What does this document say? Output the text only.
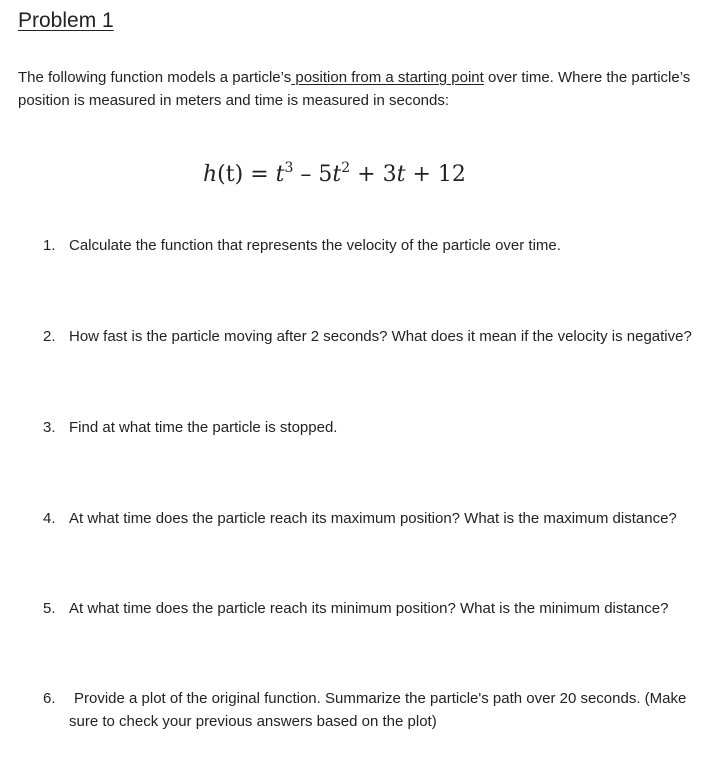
Problem 1
The following function models a particle’s position from a starting point over time. Where the particle’s position is measured in meters and time is measured in seconds:
$h(t) = t^3 - 5t^2 + 3t + 12$
1. Calculate the function that represents the velocity of the particle over time.
2. How fast is the particle moving after 2 seconds? What does it mean if the velocity is negative?
3. Find at what time the particle is stopped.
4. At what time does the particle reach its maximum position? What is the maximum distance?
5. At what time does the particle reach its minimum position? What is the minimum distance?
6.	Provide a plot of the original function. Summarize the particle's path over 20 seconds. (Make sure to check your previous answers based on the plot)
